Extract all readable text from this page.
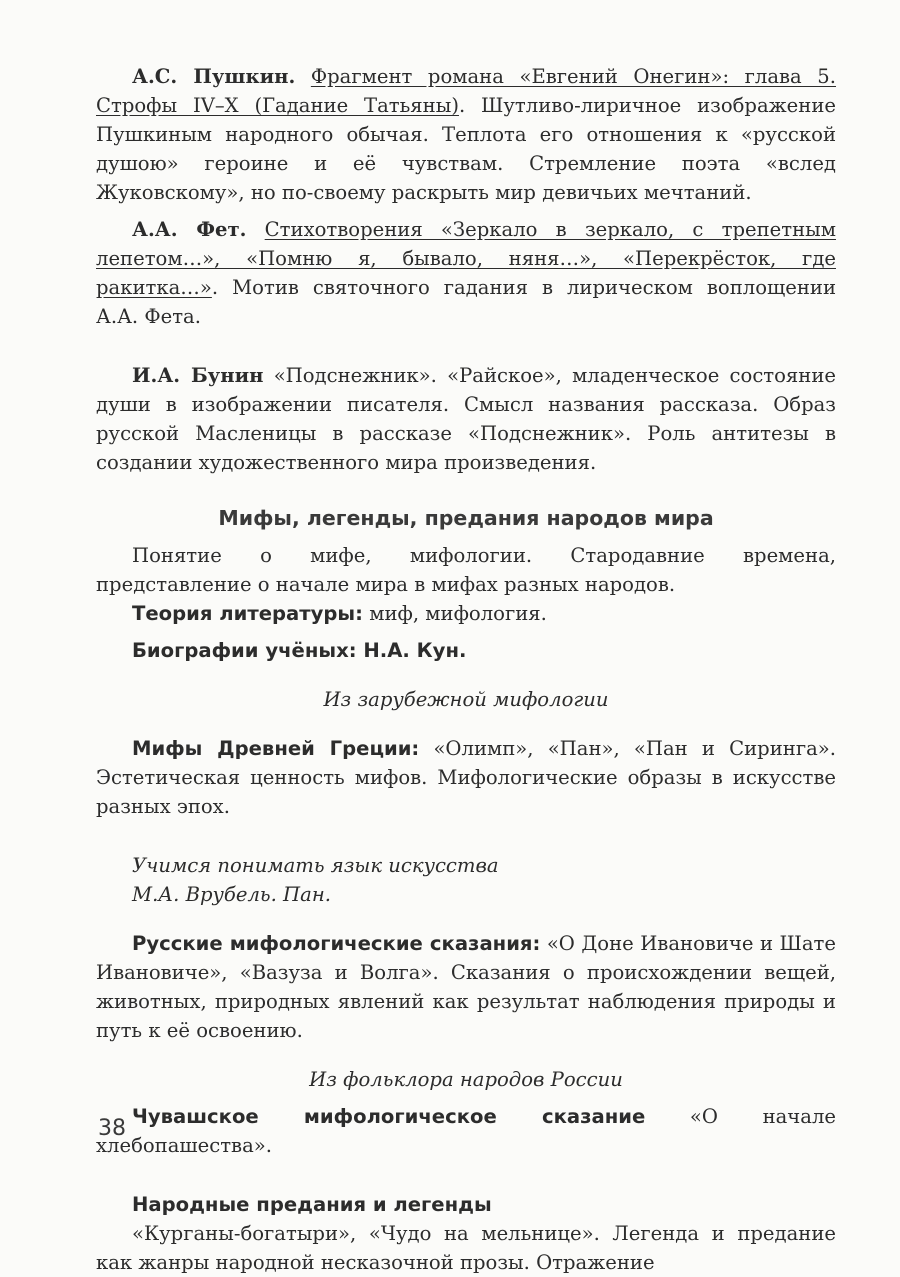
А.С. Пушкин. Фрагмент романа «Евгений Онегин»: глава 5. Строфы IV–X (Гадание Татьяны). Шутливо-лиричное изображение Пушкиным народного обычая. Теплота его отношения к «русской душою» героине и её чувствам. Стремление поэта «вслед Жуковскому», но по-своему раскрыть мир девичьих мечтаний.

А.А. Фет. Стихотворения «Зеркало в зеркало, с трепетным лепетом…», «Помню я, бывало, няня…», «Перекрёсток, где ракитка…». Мотив святочного гадания в лирическом воплощении А.А. Фета.

И.А. Бунин «Подснежник». «Райское», младенческое состояние души в изображении писателя. Смысл названия рассказа. Образ русской Масленицы в рассказе «Подснежник». Роль антитезы в создании художественного мира произведения.

Мифы, легенды, предания народов мира

Понятие о мифе, мифологии. Стародавние времена, представление о начале мира в мифах разных народов.

Теория литературы: миф, мифология.

Биографии учёных: Н.А. Кун.

Из зарубежной мифологии

Мифы Древней Греции: «Олимп», «Пан», «Пан и Сиринга». Эстетическая ценность мифов. Мифологические образы в искусстве разных эпох.

Учимся понимать язык искусства

М.А. Врубель. Пан.

Русские мифологические сказания: «О Доне Ивановиче и Шате Ивановиче», «Вазуза и Волга». Сказания о происхождении вещей, животных, природных явлений как результат наблюдения природы и путь к её освоению.

Из фольклора народов России

Чувашское мифологическое сказание «О начале хлебопашества».

Народные предания и легенды

«Курганы-богатыри», «Чудо на мельнице». Легенда и предание как жанры народной несказочной прозы. Отражение

38
